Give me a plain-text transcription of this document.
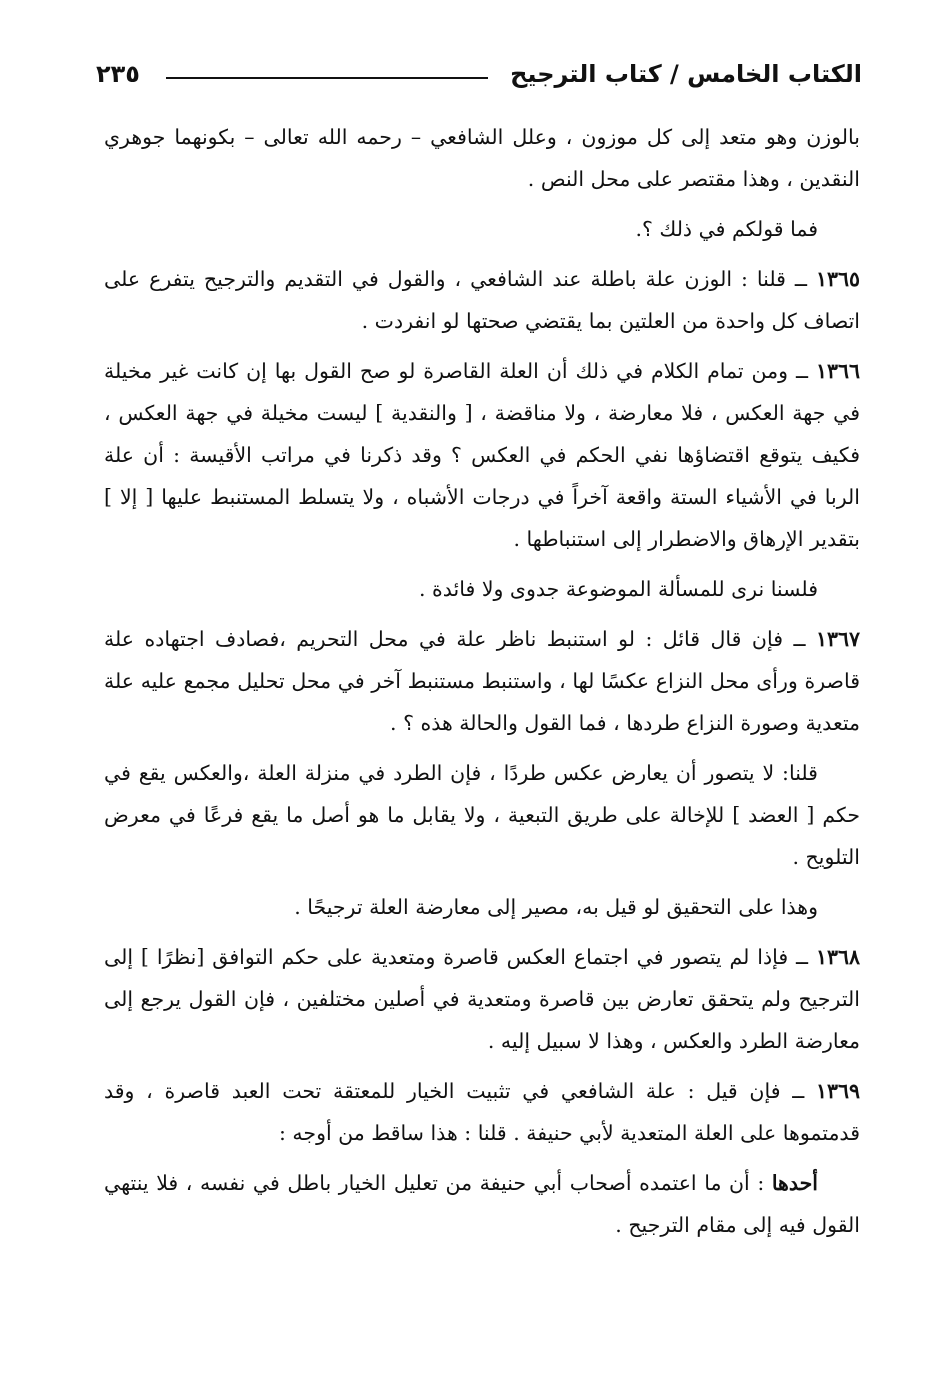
الكتاب الخامس / كتاب الترجيح
٢٣٥

بالوزن وهو متعد إلى كل موزون ، وعلل الشافعي – رحمه الله تعالى – بكونهما جوهري النقدين ، وهذا مقتصر على محل النص .

فما قولكم في ذلك ؟.

١٣٦٥ ــ قلنا : الوزن علة باطلة عند الشافعي ، والقول في التقديم والترجيح يتفرع على اتصاف كل واحدة من العلتين بما يقتضي صحتها لو انفردت .

١٣٦٦ ــ ومن تمام الكلام في ذلك أن العلة القاصرة لو صح القول بها إن كانت غير مخيلة في جهة العكس ، فلا معارضة ، ولا مناقضة ، [ والنقدية ] ليست مخيلة في جهة العكس ، فكيف يتوقع اقتضاؤها نفي الحكم في العكس ؟ وقد ذكرنا في مراتب الأقيسة : أن علة الربا في الأشياء الستة واقعة آخراً في درجات الأشباه ، ولا يتسلط المستنبط عليها [ إلا ] بتقدير الإرهاق والاضطرار إلى استنباطها .

فلسنا نرى للمسألة الموضوعة جدوى ولا فائدة .

١٣٦٧ ــ فإن قال قائل : لو استنبط ناظر علة في محل التحريم ،فصادف اجتهاده علة قاصرة ورأى محل النزاع عكسًا لها ، واستنبط مستنبط آخر في محل تحليل مجمع عليه علة متعدية وصورة النزاع طردها ، فما القول والحالة هذه ؟ .

قلنا: لا يتصور أن يعارض عكس طردًا ، فإن الطرد في منزلة العلة ،والعكس يقع في حكم [ العضد ] للإخالة على طريق التبعية ، ولا يقابل ما هو أصل ما يقع فرعًا في معرض التلويح .

وهذا على التحقيق لو قيل به، مصير إلى معارضة العلة ترجيحًا .

١٣٦٨ ــ فإذا لم يتصور في اجتماع العكس قاصرة ومتعدية على حكم التوافق [نظرًا ] إلى الترجيح ولم يتحقق تعارض بين قاصرة ومتعدية في أصلين مختلفين ، فإن القول يرجع إلى معارضة الطرد والعكس ، وهذا لا سبيل إليه .

١٣٦٩ ــ فإن قيل : علة الشافعي في تثبيت الخيار للمعتقة تحت العبد قاصرة ، وقد قدمتموها على العلة المتعدية لأبي حنيفة . قلنا : هذا ساقط من أوجه :

أحدها : أن ما اعتمده أصحاب أبي حنيفة من تعليل الخيار باطل في نفسه ، فلا ينتهي القول فيه إلى مقام الترجيح .
